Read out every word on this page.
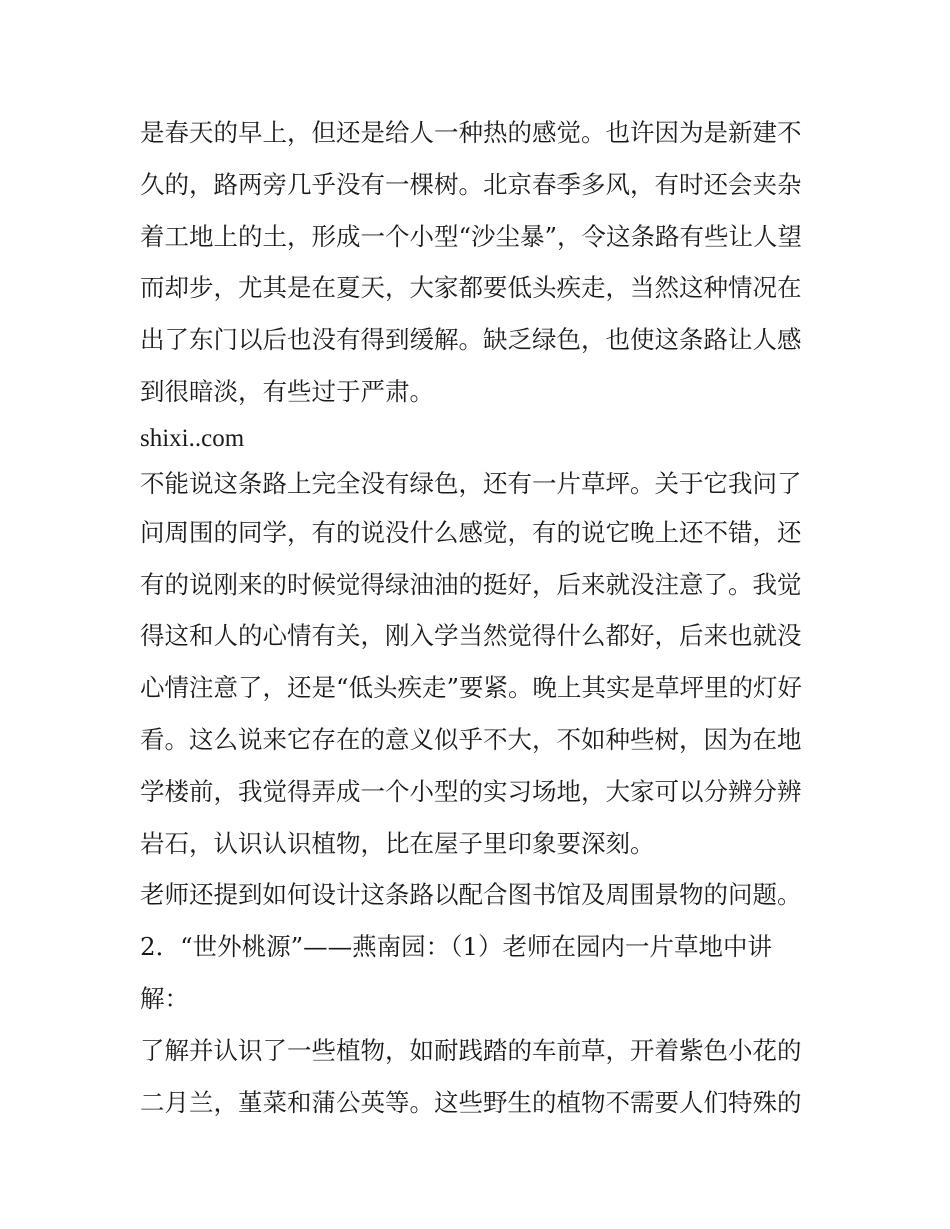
是春天的早上，但还是给人一种热的感觉。也许因为是新建不
久的，路两旁几乎没有一棵树。北京春季多风，有时还会夹杂
着工地上的土，形成一个小型“沙尘暴”，令这条路有些让人望
而却步，尤其是在夏天，大家都要低头疾走，当然这种情况在
出了东门以后也没有得到缓解。缺乏绿色，也使这条路让人感
到很暗淡，有些过于严肃。
shixi..com
不能说这条路上完全没有绿色，还有一片草坪。关于它我问了
问周围的同学，有的说没什么感觉，有的说它晚上还不错，还
有的说刚来的时候觉得绿油油的挺好，后来就没注意了。我觉
得这和人的心情有关，刚入学当然觉得什么都好，后来也就没
心情注意了，还是“低头疾走”要紧。晚上其实是草坪里的灯好
看。这么说来它存在的意义似乎不大，不如种些树，因为在地
学楼前，我觉得弄成一个小型的实习场地，大家可以分辨分辨
岩石，认识认识植物，比在屋子里印象要深刻。
老师还提到如何设计这条路以配合图书馆及周围景物的问题。
2．“世外桃源”——燕南园：（1）老师在园内一片草地中讲
解：
了解并认识了一些植物，如耐践踏的车前草，开着紫色小花的
二月兰，堇菜和蒲公英等。这些野生的植物不需要人们特殊的
